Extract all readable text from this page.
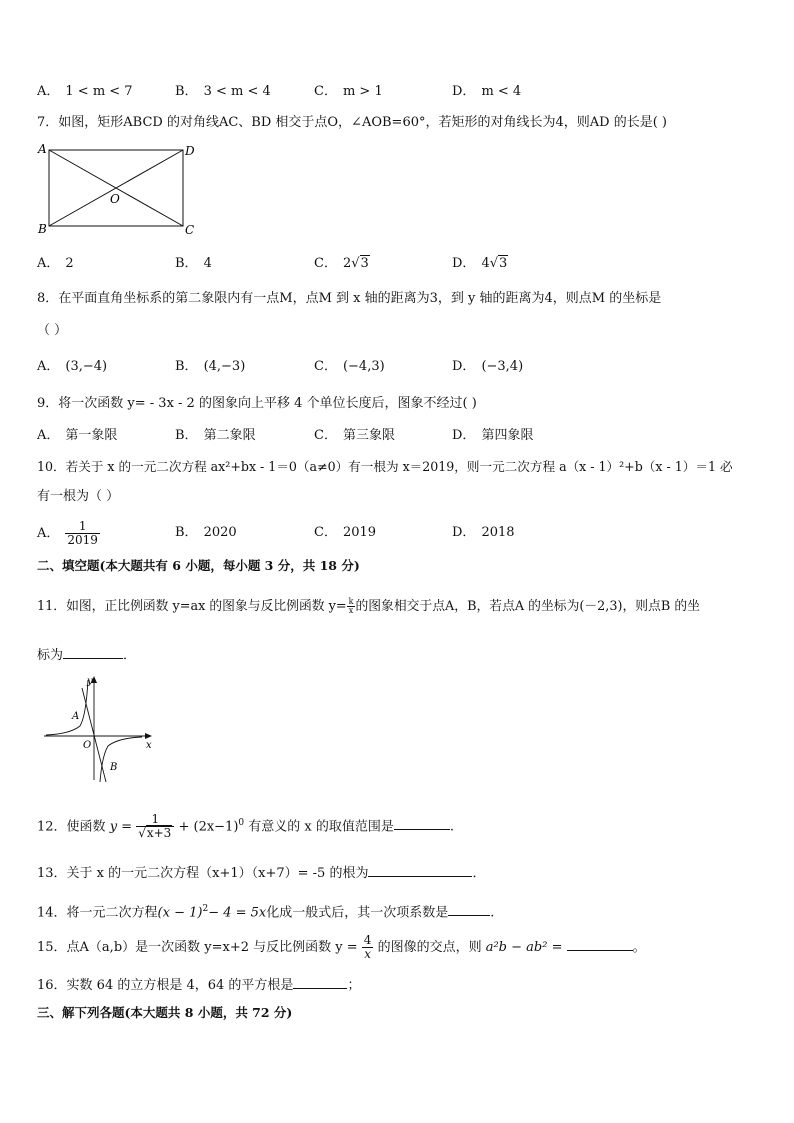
A． 1 < m < 7	B． 3 < m < 4	C． m > 1	D． m < 4
7．如图，矩形ABCD 的对角线AC、BD 相交于点O，∠AOB=60°，若矩形的对角线长为4，则AD 的长是( )
A	D
B	C
O
A． 2	B． 4	C． 2√3	D． 4√3
8．在平面直角坐标系的第二象限内有一点M，点M 到 x 轴的距离为3，到 y 轴的距离为4，则点M 的坐标是
（ ）
A． (3,−4)	B． (4,−3)	C． (−4,3)	D． (−3,4)
9．将一次函数 y= - 3x - 2 的图象向上平移 4 个单位长度后，图象不经过( )
A． 第一象限	B． 第二象限	C． 第三象限	D． 第四象限
10．若关于 x 的一元二次方程 ax²+bx - 1＝0（a≠0）有一根为 x＝2019，则一元二次方程 a（x - 1）²+b（x - 1）＝1 必
有一根为（ ）
A． $\frac{1}{2019}$	B． 2020	C． 2019	D． 2018
二、填空题(本大题共有 6 小题，每小题 3 分，共 18 分)
11．如图，正比例函数 y=ax 的图象与反比例函数 $y= \frac{k}{x}$ 的图象相交于点A，B，若点A 的坐标为(－2,3)，则点B 的坐
标为	．
y
x
O
A
B
12．使函数 $y = \frac{1}{√x+3} + (2x-1)^0$ 有意义的 x 的取值范围是	.
13．关于 x 的一元二次方程（x+1）（x+7）= -5 的根为	．
14．将一元二次方程$(x - 1)^2- 4 = 5x$化成一般式后，其一次项系数是	.
15．点A（a,b）是一次函数 y=x+2 与反比例函数 $y = \frac{4}{x}$ 的图像的交点，则 a²b − ab² =	。
16．实数 64 的立方根是 4，64 的平方根是	；
三、解下列各题(本大题共 8 小题，共 72 分)
